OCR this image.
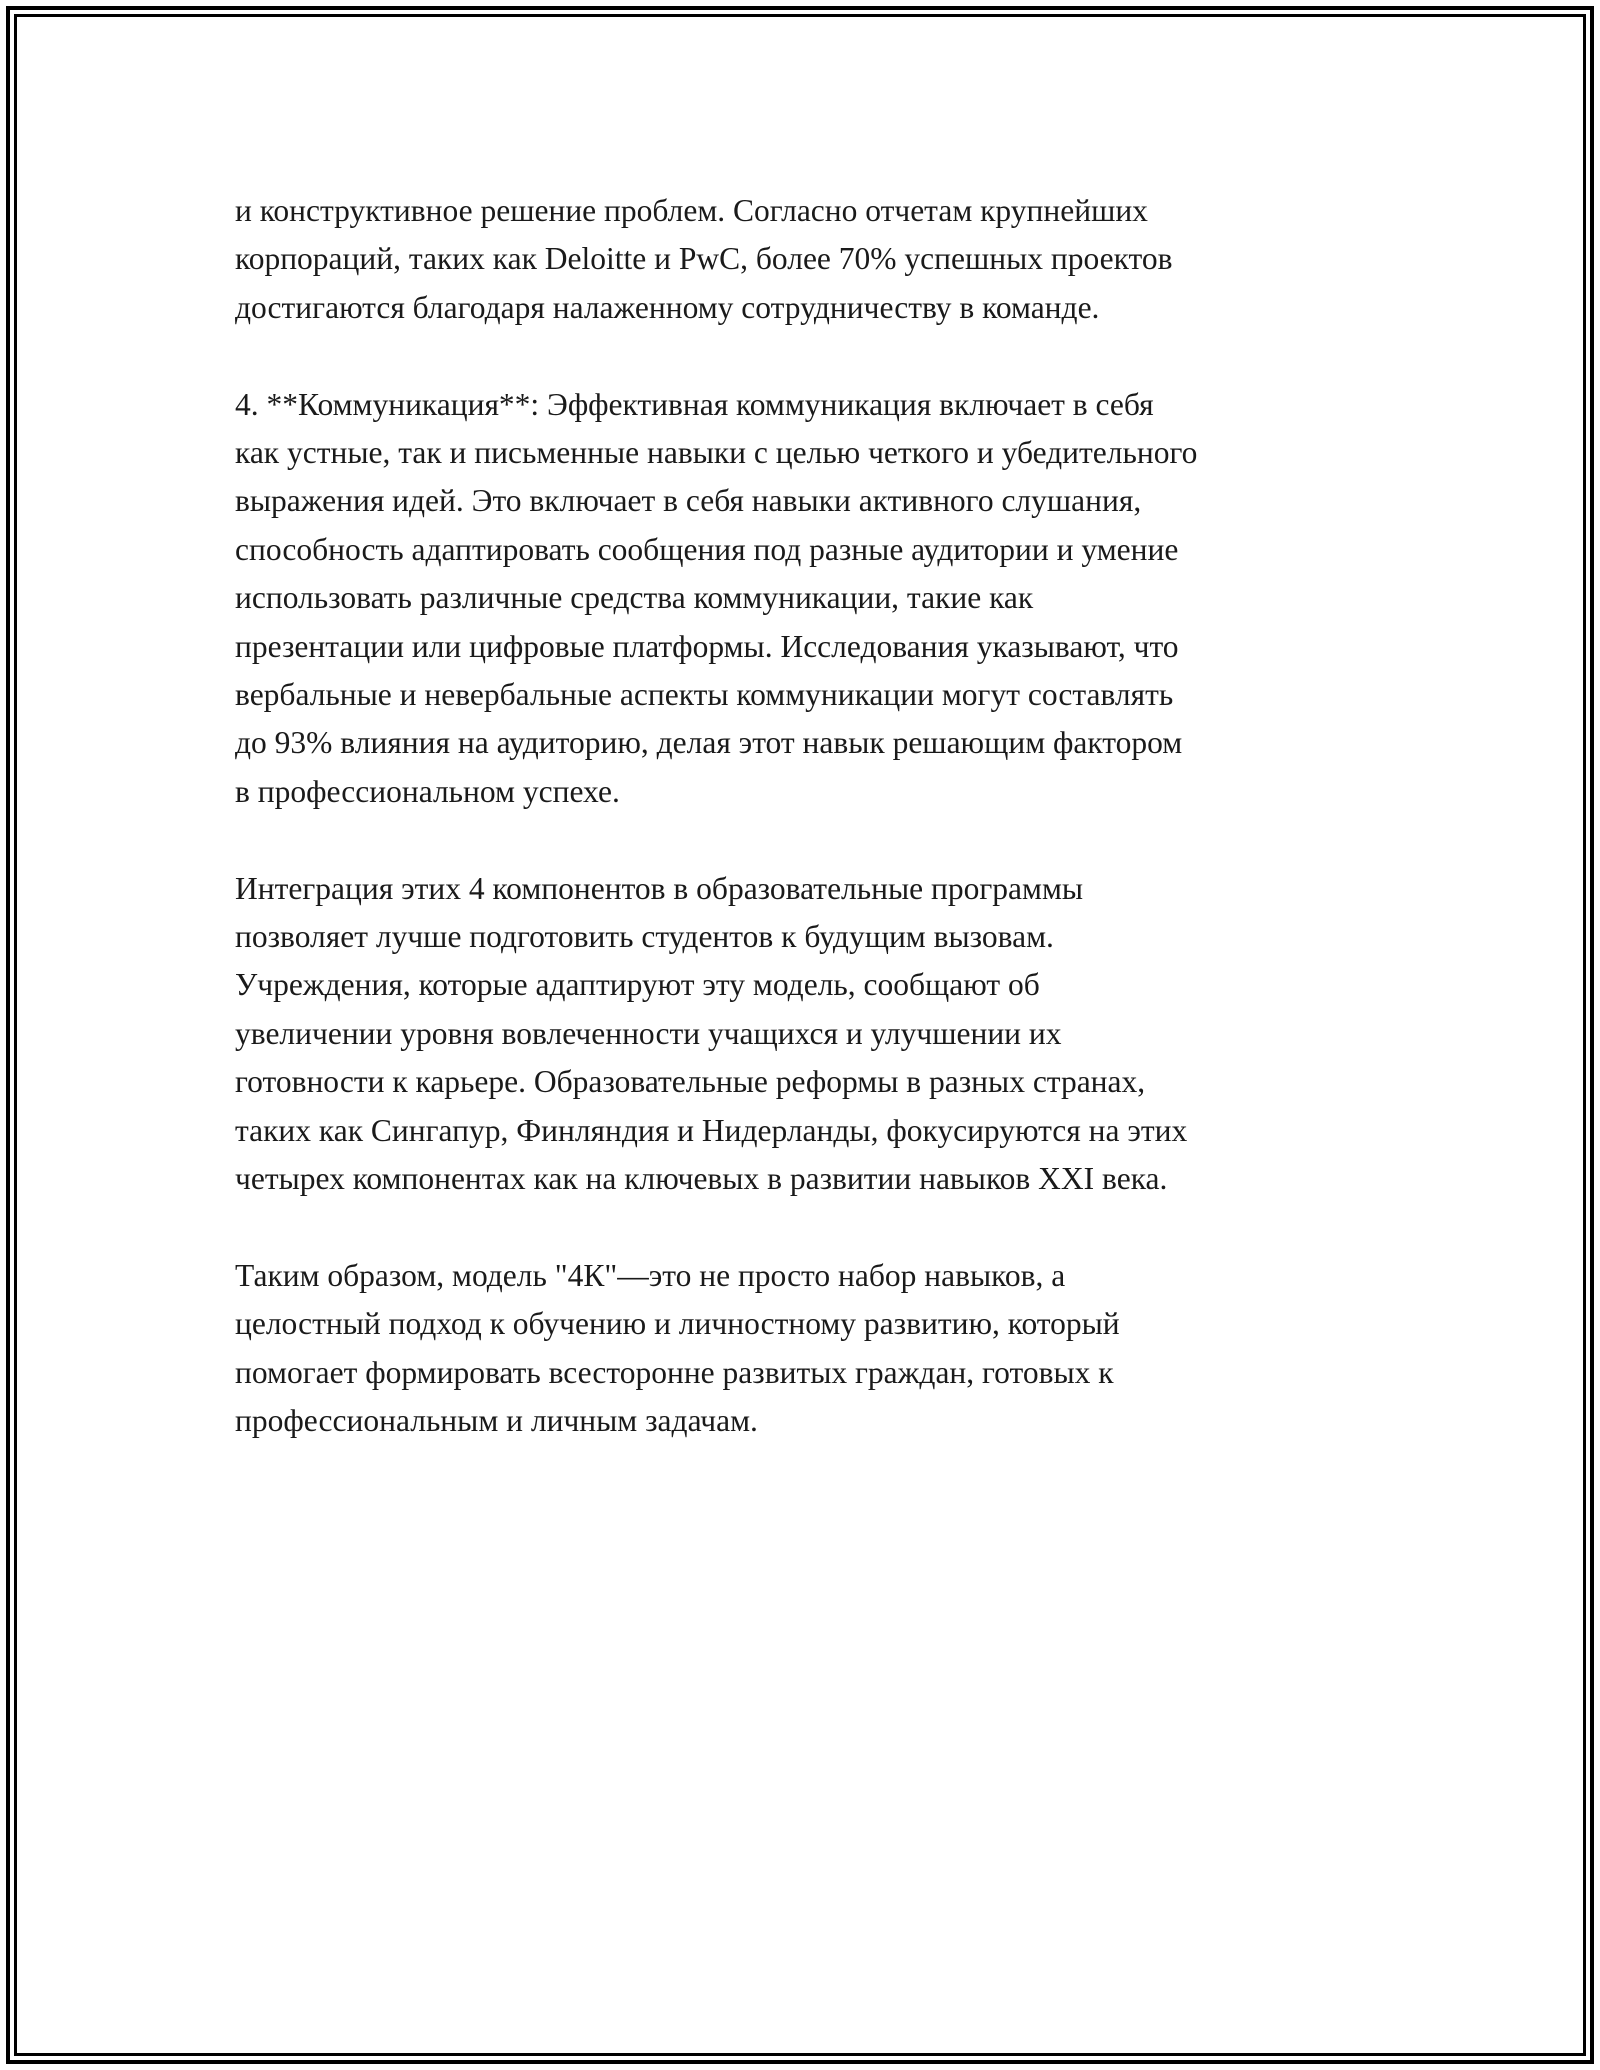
и конструктивное решение проблем. Согласно отчетам крупнейших
корпораций, таких как Deloitte и PwC, более 70% успешных проектов
достигаются благодаря налаженному сотрудничеству в команде.

4. **Коммуникация**: Эффективная коммуникация включает в себя
как устные, так и письменные навыки с целью четкого и убедительного
выражения идей. Это включает в себя навыки активного слушания,
способность адаптировать сообщения под разные аудитории и умение
использовать различные средства коммуникации, такие как
презентации или цифровые платформы. Исследования указывают, что
вербальные и невербальные аспекты коммуникации могут составлять
до 93% влияния на аудиторию, делая этот навык решающим фактором
в профессиональном успехе.

Интеграция этих 4 компонентов в образовательные программы
позволяет лучше подготовить студентов к будущим вызовам.
Учреждения, которые адаптируют эту модель, сообщают об
увеличении уровня вовлеченности учащихся и улучшении их
готовности к карьере. Образовательные реформы в разных странах,
таких как Сингапур, Финляндия и Нидерланды, фокусируются на этих
четырех компонентах как на ключевых в развитии навыков XXI века.

Таким образом, модель "4К"—это не просто набор навыков, а
целостный подход к обучению и личностному развитию, который
помогает формировать всесторонне развитых граждан, готовых к
профессиональным и личным задачам.
